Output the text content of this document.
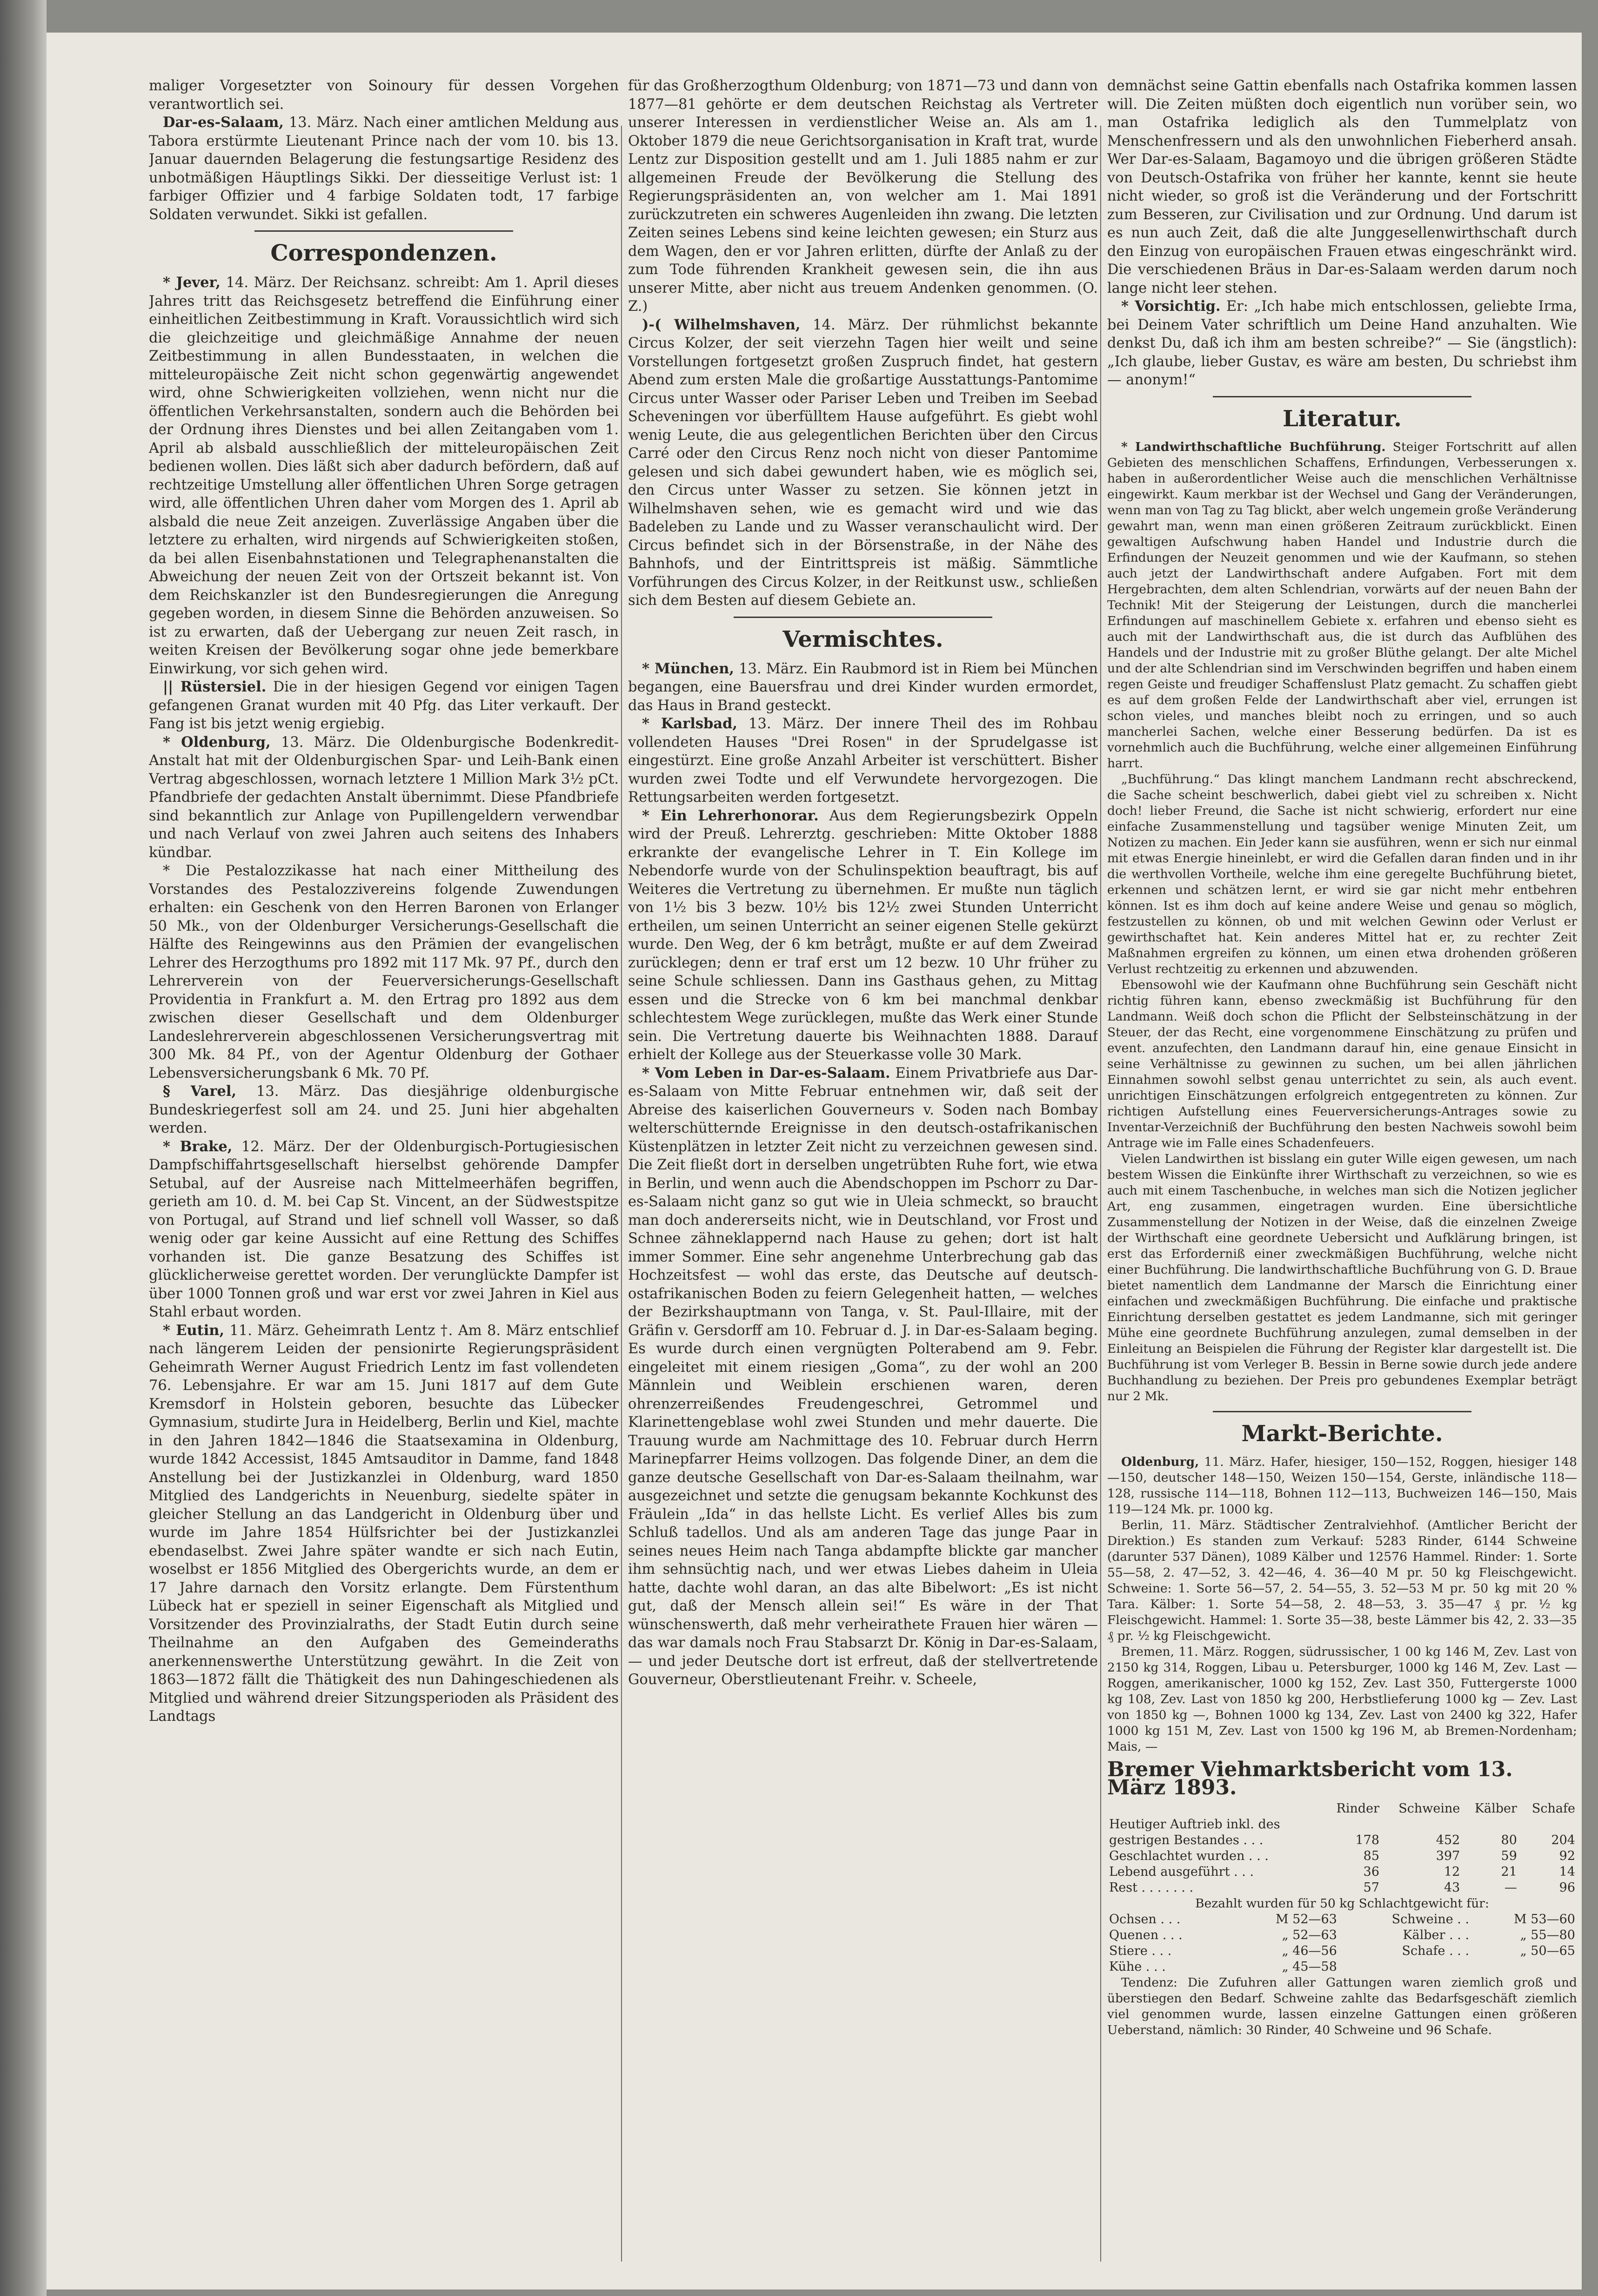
maliger Vorgesetzter von Soinoury für dessen Vorgehen verantwortlich sei.

Dar-es-Salaam, 13. März. Nach einer amtlichen Meldung aus Tabora erstürmte Lieutenant Prince nach der vom 10. bis 13. Januar dauernden Belagerung die festungsartige Residenz des unbotmäßigen Häuptlings Sikki. Der diesseitige Verlust ist: 1 farbiger Offizier und 4 farbige Soldaten todt, 17 farbige Soldaten verwundet. Sikki ist gefallen.

Correspondenzen.

* Jever, 14. März. Der Reichsanz. schreibt: Am 1. April dieses Jahres tritt das Reichsgesetz betreffend die Einführung einer einheitlichen Zeitbestimmung in Kraft. Voraussichtlich wird sich die gleichzeitige und gleichmäßige Annahme der neuen Zeitbestimmung in allen Bundesstaaten, in welchen die mitteleuropäische Zeit nicht schon gegenwärtig angewendet wird, ohne Schwierigkeiten vollziehen, wenn nicht nur die öffentlichen Verkehrsanstalten, sondern auch die Behörden bei der Ordnung ihres Dienstes und bei allen Zeitangaben vom 1. April ab alsbald ausschließlich der mitteleuropäischen Zeit bedienen wollen. Dies läßt sich aber dadurch befördern, daß auf rechtzeitige Umstellung aller öffentlichen Uhren Sorge getragen wird, alle öffentlichen Uhren daher vom Morgen des 1. April ab alsbald die neue Zeit anzeigen. Zuverlässige Angaben über die letztere zu erhalten, wird nirgends auf Schwierigkeiten stoßen, da bei allen Eisenbahnstationen und Telegraphenanstalten die Abweichung der neuen Zeit von der Ortszeit bekannt ist. Von dem Reichskanzler ist den Bundesregierungen die Anregung gegeben worden, in diesem Sinne die Behörden anzuweisen. So ist zu erwarten, daß der Uebergang zur neuen Zeit rasch, in weiten Kreisen der Bevölkerung sogar ohne jede bemerkbare Einwirkung, vor sich gehen wird.

|| Rüstersiel. Die in der hiesigen Gegend vor einigen Tagen gefangenen Granat wurden mit 40 Pfg. das Liter verkauft. Der Fang ist bis jetzt wenig ergiebig.

* Oldenburg, 13. März. Die Oldenburgische Bodenkredit-Anstalt hat mit der Oldenburgischen Spar- und Leih-Bank einen Vertrag abgeschlossen, wornach letztere 1 Million Mark 3½ pCt. Pfandbriefe der gedachten Anstalt übernimmt. Diese Pfandbriefe sind bekanntlich zur Anlage von Pupillengeldern verwendbar und nach Verlauf von zwei Jahren auch seitens des Inhabers kündbar.

* Die Pestalozzikasse hat nach einer Mittheilung des Vorstandes des Pestalozzivereins folgende Zuwendungen erhalten: ein Geschenk von den Herren Baronen von Erlanger 50 Mk., von der Oldenburger Versicherungs-Gesellschaft die Hälfte des Reingewinns aus den Prämien der evangelischen Lehrer des Herzogthums pro 1892 mit 117 Mk. 97 Pf., durch den Lehrerverein von der Feuerversicherungs-Gesellschaft Providentia in Frankfurt a. M. den Ertrag pro 1892 aus dem zwischen dieser Gesellschaft und dem Oldenburger Landeslehrerverein abgeschlossenen Versicherungsvertrag mit 300 Mk. 84 Pf., von der Agentur Oldenburg der Gothaer Lebensversicherungsbank 6 Mk. 70 Pf.

§ Varel, 13. März. Das diesjährige oldenburgische Bundeskriegerfest soll am 24. und 25. Juni hier abgehalten werden.

* Brake, 12. März. Der der Oldenburgisch-Portugiesischen Dampfschiffahrtsgesellschaft hierselbst gehörende Dampfer Setubal, auf der Ausreise nach Mittelmeerhäfen begriffen, gerieth am 10. d. M. bei Cap St. Vincent, an der Südwestspitze von Portugal, auf Strand und lief schnell voll Wasser, so daß wenig oder gar keine Aussicht auf eine Rettung des Schiffes vorhanden ist. Die ganze Besatzung des Schiffes ist glücklicherweise gerettet worden. Der verunglückte Dampfer ist über 1000 Tonnen groß und war erst vor zwei Jahren in Kiel aus Stahl erbaut worden.

* Eutin, 11. März. Geheimrath Lentz †. Am 8. März entschlief nach längerem Leiden der pensionirte Regierungspräsident Geheimrath Werner August Friedrich Lentz im fast vollendeten 76. Lebensjahre. Er war am 15. Juni 1817 auf dem Gute Kremsdorf in Holstein geboren, besuchte das Lübecker Gymnasium, studirte Jura in Heidelberg, Berlin und Kiel, machte in den Jahren 1842—1846 die Staatsexamina in Oldenburg, wurde 1842 Accessist, 1845 Amtsauditor in Damme, fand 1848 Anstellung bei der Justizkanzlei in Oldenburg, ward 1850 Mitglied des Landgerichts in Neuenburg, siedelte später in gleicher Stellung an das Landgericht in Oldenburg über und wurde im Jahre 1854 Hülfsrichter bei der Justizkanzlei ebendaselbst. Zwei Jahre später wandte er sich nach Eutin, woselbst er 1856 Mitglied des Obergerichts wurde, an dem er 17 Jahre darnach den Vorsitz erlangte. Dem Fürstenthum Lübeck hat er speziell in seiner Eigenschaft als Mitglied und Vorsitzender des Provinzialraths, der Stadt Eutin durch seine Theilnahme an den Aufgaben des Gemeinderaths anerkennenswerthe Unterstützung gewährt. In die Zeit von 1863—1872 fällt die Thätigkeit des nun Dahingeschiedenen als Mitglied und während dreier Sitzungsperioden als Präsident des Landtags

für das Großherzogthum Oldenburg; von 1871—73 und dann von 1877—81 gehörte er dem deutschen Reichstag als Vertreter unserer Interessen in verdienstlicher Weise an. Als am 1. Oktober 1879 die neue Gerichtsorganisation in Kraft trat, wurde Lentz zur Disposition gestellt und am 1. Juli 1885 nahm er zur allgemeinen Freude der Bevölkerung die Stellung des Regierungspräsidenten an, von welcher am 1. Mai 1891 zurückzutreten ein schweres Augenleiden ihn zwang. Die letzten Zeiten seines Lebens sind keine leichten gewesen; ein Sturz aus dem Wagen, den er vor Jahren erlitten, dürfte der Anlaß zu der zum Tode führenden Krankheit gewesen sein, die ihn aus unserer Mitte, aber nicht aus treuem Andenken genommen. (O. Z.)

)-( Wilhelmshaven, 14. März. Der rühmlichst bekannte Circus Kolzer, der seit vierzehn Tagen hier weilt und seine Vorstellungen fortgesetzt großen Zuspruch findet, hat gestern Abend zum ersten Male die großartige Ausstattungs-Pantomime Circus unter Wasser oder Pariser Leben und Treiben im Seebad Scheveningen vor überfülltem Hause aufgeführt. Es giebt wohl wenig Leute, die aus gelegentlichen Berichten über den Circus Carré oder den Circus Renz noch nicht von dieser Pantomime gelesen und sich dabei gewundert haben, wie es möglich sei, den Circus unter Wasser zu setzen. Sie können jetzt in Wilhelmshaven sehen, wie es gemacht wird und wie das Badeleben zu Lande und zu Wasser veranschaulicht wird. Der Circus befindet sich in der Börsenstraße, in der Nähe des Bahnhofs, und der Eintrittspreis ist mäßig. Sämmtliche Vorführungen des Circus Kolzer, in der Reitkunst usw., schließen sich dem Besten auf diesem Gebiete an.

Vermischtes.

* München, 13. März. Ein Raubmord ist in Riem bei München begangen, eine Bauersfrau und drei Kinder wurden ermordet, das Haus in Brand gesteckt.

* Karlsbad, 13. März. Der innere Theil des im Rohbau vollendeten Hauses "Drei Rosen" in der Sprudelgasse ist eingestürzt. Eine große Anzahl Arbeiter ist verschüttert. Bisher wurden zwei Todte und elf Verwundete hervorgezogen. Die Rettungsarbeiten werden fortgesetzt.

* Ein Lehrerhonorar. Aus dem Regierungsbezirk Oppeln wird der Preuß. Lehrerztg. geschrieben: Mitte Oktober 1888 erkrankte der evangelische Lehrer in T. Ein Kollege im Nebendorfe wurde von der Schulinspektion beauftragt, bis auf Weiteres die Vertretung zu übernehmen. Er mußte nun täglich von 1½ bis 3 bezw. 10½ bis 12½ zwei Stunden Unterricht ertheilen, um seinen Unterricht an seiner eigenen Stelle gekürzt wurde. Den Weg, der 6 km betrågt, mußte er auf dem Zweirad zurücklegen; denn er traf erst um 12 bezw. 10 Uhr früher zu seine Schule schliessen. Dann ins Gasthaus gehen, zu Mittag essen und die Strecke von 6 km bei manchmal denkbar schlechtestem Wege zurücklegen, mußte das Werk einer Stunde sein. Die Vertretung dauerte bis Weihnachten 1888. Darauf erhielt der Kollege aus der Steuerkasse volle 30 Mark.

* Vom Leben in Dar-es-Salaam. Einem Privatbriefe aus Dar-es-Salaam von Mitte Februar entnehmen wir, daß seit der Abreise des kaiserlichen Gouverneurs v. Soden nach Bombay welterschütternde Ereignisse in den deutsch-ostafrikanischen Küstenplätzen in letzter Zeit nicht zu verzeichnen gewesen sind. Die Zeit fließt dort in derselben ungetrübten Ruhe fort, wie etwa in Berlin, und wenn auch die Abendschoppen im Pschorr zu Dar-es-Salaam nicht ganz so gut wie in Uleia schmeckt, so braucht man doch andererseits nicht, wie in Deutschland, vor Frost und Schnee zähneklappernd nach Hause zu gehen; dort ist halt immer Sommer. Eine sehr angenehme Unterbrechung gab das Hochzeitsfest — wohl das erste, das Deutsche auf deutsch-ostafrikanischen Boden zu feiern Gelegenheit hatten, — welches der Bezirkshauptmann von Tanga, v. St. Paul-Illaire, mit der Gräfin v. Gersdorff am 10. Februar d. J. in Dar-es-Salaam beging. Es wurde durch einen vergnügten Polterabend am 9. Febr. eingeleitet mit einem riesigen „Goma“, zu der wohl an 200 Männlein und Weiblein erschienen waren, deren ohrenzerreißendes Freudengeschrei, Getrommel und Klarinettengeblase wohl zwei Stunden und mehr dauerte. Die Trauung wurde am Nachmittage des 10. Februar durch Herrn Marinepfarrer Heims vollzogen. Das folgende Diner, an dem die ganze deutsche Gesellschaft von Dar-es-Salaam theilnahm, war ausgezeichnet und setzte die genugsam bekannte Kochkunst des Fräulein „Ida“ in das hellste Licht. Es verlief Alles bis zum Schluß tadellos. Und als am anderen Tage das junge Paar in seines neues Heim nach Tanga abdampfte blickte gar mancher ihm sehnsüchtig nach, und wer etwas Liebes daheim in Uleia hatte, dachte wohl daran, an das alte Bibelwort: „Es ist nicht gut, daß der Mensch allein sei!“ Es wäre in der That wünschenswerth, daß mehr verheirathete Frauen hier wären — das war damals noch Frau Stabsarzt Dr. König in Dar-es-Salaam, — und jeder Deutsche dort ist erfreut, daß der stellvertretende Gouverneur, Oberstlieutenant Freihr. v. Scheele,

demnächst seine Gattin ebenfalls nach Ostafrika kommen lassen will. Die Zeiten müßten doch eigentlich nun vorüber sein, wo man Ostafrika lediglich als den Tummelplatz von Menschenfressern und als den unwohnlichen Fieberherd ansah. Wer Dar-es-Salaam, Bagamoyo und die übrigen größeren Städte von Deutsch-Ostafrika von früher her kannte, kennt sie heute nicht wieder, so groß ist die Veränderung und der Fortschritt zum Besseren, zur Civilisation und zur Ordnung. Und darum ist es nun auch Zeit, daß die alte Junggesellenwirthschaft durch den Einzug von europäischen Frauen etwas eingeschränkt wird. Die verschiedenen Bräus in Dar-es-Salaam werden darum noch lange nicht leer stehen.

* Vorsichtig. Er: „Ich habe mich entschlossen, geliebte Irma, bei Deinem Vater schriftlich um Deine Hand anzuhalten. Wie denkst Du, daß ich ihm am besten schreibe?“ — Sie (ängstlich): „Ich glaube, lieber Gustav, es wäre am besten, Du schriebst ihm — anonym!“

Literatur.

* Landwirthschaftliche Buchführung. Steiger Fortschritt auf allen Gebieten des menschlichen Schaffens, Erfindungen, Verbesserungen x. haben in außerordentlicher Weise auch die menschlichen Verhältnisse eingewirkt. Kaum merkbar ist der Wechsel und Gang der Veränderungen, wenn man von Tag zu Tag blickt, aber welch ungemein große Veränderung gewahrt man, wenn man einen größeren Zeitraum zurückblickt. Einen gewaltigen Aufschwung haben Handel und Industrie durch die Erfindungen der Neuzeit genommen und wie der Kaufmann, so stehen auch jetzt der Landwirthschaft andere Aufgaben. Fort mit dem Hergebrachten, dem alten Schlendrian, vorwärts auf der neuen Bahn der Technik! Mit der Steigerung der Leistungen, durch die mancherlei Erfindungen auf maschinellem Gebiete x. erfahren und ebenso sieht es auch mit der Landwirthschaft aus, die ist durch das Aufblühen des Handels und der Industrie mit zu großer Blüthe gelangt. Der alte Michel und der alte Schlendrian sind im Verschwinden begriffen und haben einem regen Geiste und freudiger Schaffenslust Platz gemacht. Zu schaffen giebt es auf dem großen Felde der Landwirthschaft aber viel, errungen ist schon vieles, und manches bleibt noch zu erringen, und so auch mancherlei Sachen, welche einer Besserung bedürfen. Da ist es vornehmlich auch die Buchführung, welche einer allgemeinen Einführung harrt.

„Buchführung.“ Das klingt manchem Landmann recht abschreckend, die Sache scheint beschwerlich, dabei giebt viel zu schreiben x. Nicht doch! lieber Freund, die Sache ist nicht schwierig, erfordert nur eine einfache Zusammenstellung und tagsüber wenige Minuten Zeit, um Notizen zu machen. Ein Jeder kann sie ausführen, wenn er sich nur einmal mit etwas Energie hineinlebt, er wird die Gefallen daran finden und in ihr die werthvollen Vortheile, welche ihm eine geregelte Buchführung bietet, erkennen und schätzen lernt, er wird sie gar nicht mehr entbehren können. Ist es ihm doch auf keine andere Weise und genau so möglich, festzustellen zu können, ob und mit welchen Gewinn oder Verlust er gewirthschaftet hat. Kein anderes Mittel hat er, zu rechter Zeit Maßnahmen ergreifen zu können, um einen etwa drohenden größeren Verlust rechtzeitig zu erkennen und abzuwenden.

Ebensowohl wie der Kaufmann ohne Buchführung sein Geschäft nicht richtig führen kann, ebenso zweckmäßig ist Buchführung für den Landmann. Weiß doch schon die Pflicht der Selbsteinschätzung in der Steuer, der das Recht, eine vorgenommene Einschätzung zu prüfen und event. anzufechten, den Landmann darauf hin, eine genaue Einsicht in seine Verhältnisse zu gewinnen zu suchen, um bei allen jährlichen Einnahmen sowohl selbst genau unterrichtet zu sein, als auch event. unrichtigen Einschätzungen erfolgreich entgegentreten zu können. Zur richtigen Aufstellung eines Feuerversicherungs-Antrages sowie zu Inventar-Verzeichniß der Buchführung den besten Nachweis sowohl beim Antrage wie im Falle eines Schadenfeuers.

Vielen Landwirthen ist bisslang ein guter Wille eigen gewesen, um nach bestem Wissen die Einkünfte ihrer Wirthschaft zu verzeichnen, so wie es auch mit einem Taschenbuche, in welches man sich die Notizen jeglicher Art, eng zusammen, eingetragen wurden. Eine übersichtliche Zusammenstellung der Notizen in der Weise, daß die einzelnen Zweige der Wirthschaft eine geordnete Uebersicht und Aufklärung bringen, ist erst das Erforderniß einer zweckmäßigen Buchführung, welche nicht einer Buchführung. Die landwirthschaftliche Buchführung von G. D. Braue bietet namentlich dem Landmanne der Marsch die Einrichtung einer einfachen und zweckmäßigen Buchführung. Die einfache und praktische Einrichtung derselben gestattet es jedem Landmanne, sich mit geringer Mühe eine geordnete Buchführung anzulegen, zumal demselben in der Einleitung an Beispielen die Führung der Register klar dargestellt ist. Die Buchführung ist vom Verleger B. Bessin in Berne sowie durch jede andere Buchhandlung zu beziehen. Der Preis pro gebundenes Exemplar beträgt nur 2 Mk.

Markt-Berichte.

Oldenburg, 11. März. Hafer, hiesiger, 150—152, Roggen, hiesiger 148—150, deutscher 148—150, Weizen 150—154, Gerste, inländische 118—128, russische 114—118, Bohnen 112—113, Buchweizen 146—150, Mais 119—124 Mk. pr. 1000 kg.

Berlin, 11. März. Städtischer Zentralviehhof. (Amtlicher Bericht der Direktion.) Es standen zum Verkauf: 5283 Rinder, 6144 Schweine (darunter 537 Dänen), 1089 Kälber und 12576 Hammel. Rinder: 1. Sorte 55—58, 2. 47—52, 3. 42—46, 4. 36—40 M pr. 50 kg Fleischgewicht. Schweine: 1. Sorte 56—57, 2. 54—55, 3. 52—53 M pr. 50 kg mit 20 % Tara. Kälber: 1. Sorte 54—58, 2. 48—53, 3. 35—47 ₰ pr. ½ kg Fleischgewicht. Hammel: 1. Sorte 35—38, beste Lämmer bis 42, 2. 33—35 ₰ pr. ½ kg Fleischgewicht.

Bremen, 11. März. Roggen, südrussischer, 1 00 kg 146 M, Zev. Last von 2150 kg 314, Roggen, Libau u. Petersburger, 1000 kg 146 M, Zev. Last — Roggen, amerikanischer, 1000 kg 152, Zev. Last 350, Futtergerste 1000 kg 108, Zev. Last von 1850 kg 200, Herbstlieferung 1000 kg — Zev. Last von 1850 kg —, Bohnen 1000 kg 134, Zev. Last von 2400 kg 322, Hafer 1000 kg 151 M, Zev. Last von 1500 kg 196 M, ab Bremen-Nordenham; Mais, —

Bremer Viehmarktsbericht vom 13. März 1893.
	Rinder	Schweine	Kälber	Schafe
Heutiger Auftrieb inkl. des				
gestrigen Bestandes . . .	178	452	80	204
Geschlachtet wurden . . .	85	397	59	92
Lebend ausgeführt . . .	36	12	21	14
Rest . . . . . . .	57	43	—	96

Bezahlt wurden für 50 kg Schlachtgewicht für:

Ochsen . . .	M 52—63	Schweine . .	M 53—60
Quenen . . .	„ 52—63	Kälber . . .	„ 55—80
Stiere . . .	„ 46—56	Schafe . . .	„ 50—65
Kühe . . .	„ 45—58		

Tendenz: Die Zufuhren aller Gattungen waren ziemlich groß und überstiegen den Bedarf. Schweine zahlte das Bedarfsgeschäft ziemlich viel genommen wurde, lassen einzelne Gattungen einen größeren Ueberstand, nämlich: 30 Rinder, 40 Schweine und 96 Schafe.
